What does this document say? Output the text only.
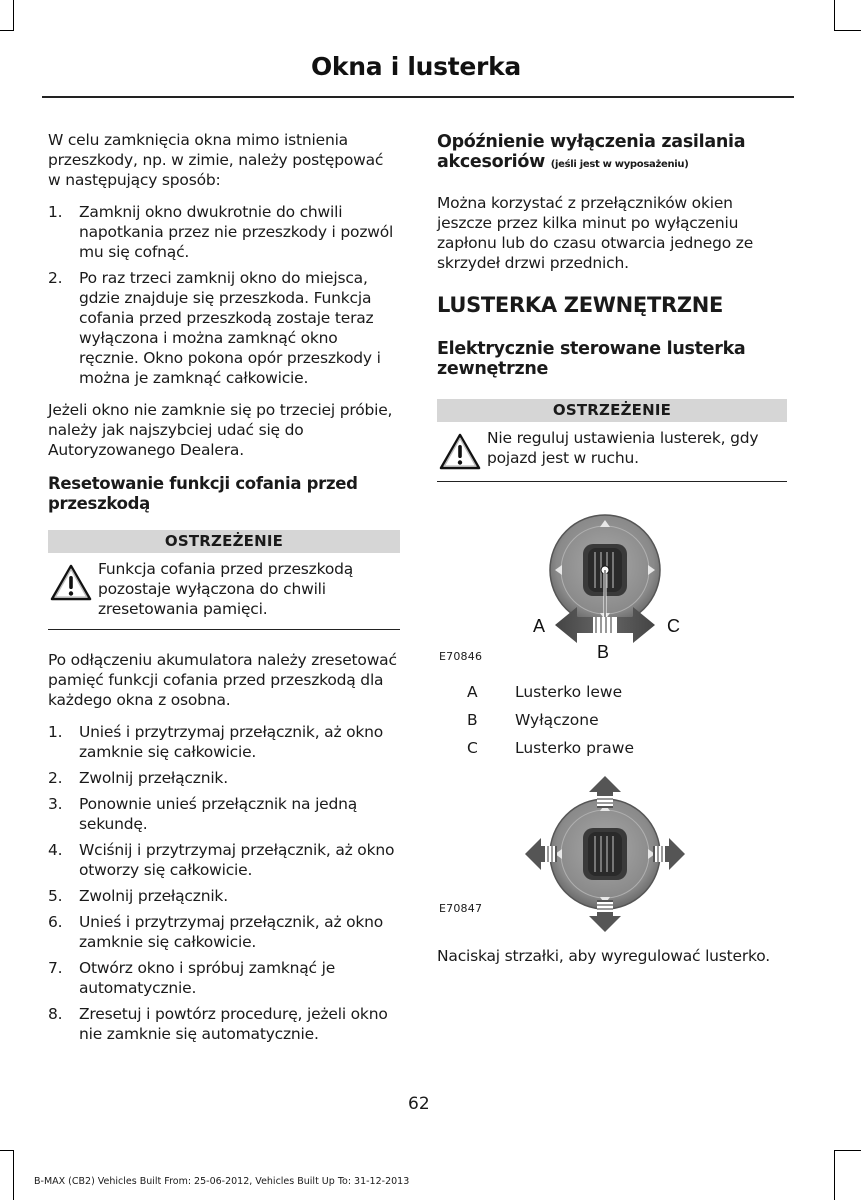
Okna i lusterka

W celu zamknięcia okna mimo istnienia przeszkody, np. w zimie, należy postępować w następujący sposób:

1.	Zamknij okno dwukrotnie do chwili napotkania przez nie przeszkody i pozwól mu się cofnąć.
2.	Po raz trzeci zamknij okno do miejsca, gdzie znajduje się przeszkoda. Funkcja cofania przed przeszkodą zostaje teraz wyłączona i można zamknąć okno ręcznie. Okno pokona opór przeszkody i można je zamknąć całkowicie.

Jeżeli okno nie zamknie się po trzeciej próbie, należy jak najszybciej udać się do Autoryzowanego Dealera.

Resetowanie funkcji cofania przed przeszkodą
OSTRZEŻENIE
Funkcja cofania przed przeszkodą pozostaje wyłączona do chwili zresetowania pamięci.

Po odłączeniu akumulatora należy zresetować pamięć funkcji cofania przed przeszkodą dla każdego okna z osobna.

1.	Unieś i przytrzymaj przełącznik, aż okno zamknie się całkowicie.
2.	Zwolnij przełącznik.
3.	Ponownie unieś przełącznik na jedną sekundę.
4.	Wciśnij i przytrzymaj przełącznik, aż okno otworzy się całkowicie.
5.	Zwolnij przełącznik.
6.	Unieś i przytrzymaj przełącznik, aż okno zamknie się całkowicie.
7.	Otwórz okno i spróbuj zamknąć je automatycznie.
8.	Zresetuj i powtórz procedurę, jeżeli okno nie zamknie się automatycznie.
Opóźnienie wyłączenia zasilania akcesoriów (jeśli jest w wyposażeniu)

Można korzystać z przełączników okien jeszcze przez kilka minut po wyłączeniu zapłonu lub do czasu otwarcia jednego ze skrzydeł drzwi przednich.

LUSTERKA ZEWNĘTRZNE
Elektrycznie sterowane lusterka zewnętrzne
OSTRZEŻENIE
Nie reguluj ustawienia lusterek, gdy pojazd jest w ruchu.
A
B
C
E70846
A	Lusterko lewe
B	Wyłączone
C	Lusterko prawe
E70847

Naciskaj strzałki, aby wyregulować lusterko.

62
B-MAX (CB2) Vehicles Built From: 25-06-2012, Vehicles Built Up To: 31-12-2013
